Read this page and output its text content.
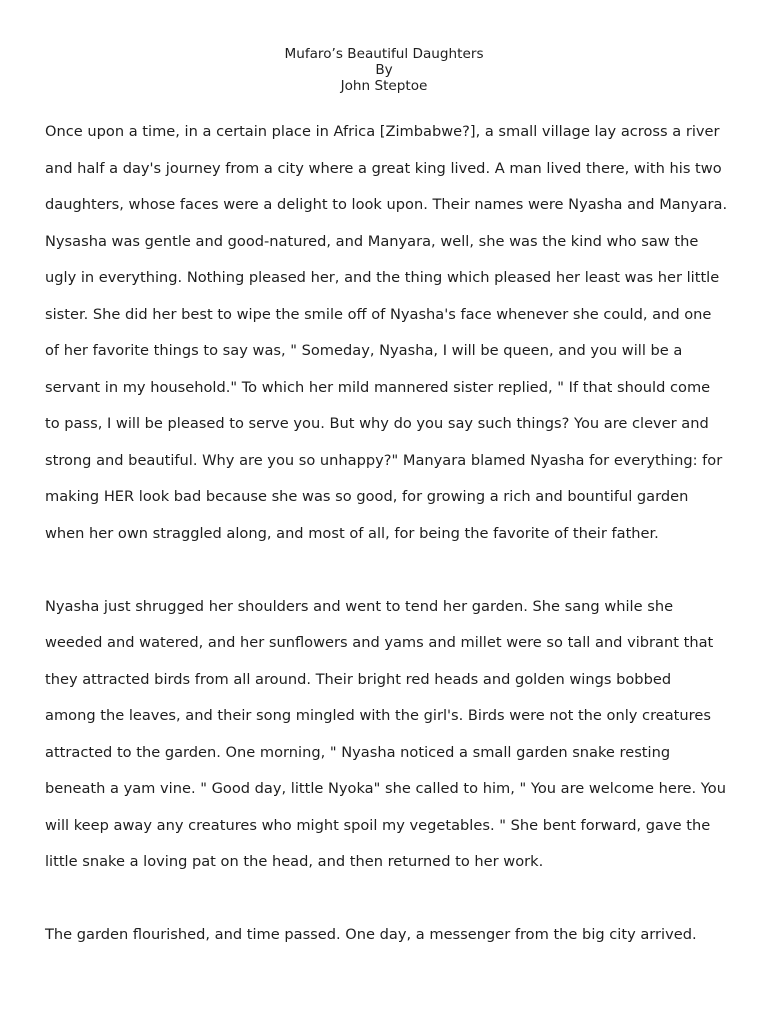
Mufaro’s Beautiful Daughters
By
John Steptoe
Once upon a time, in a certain place in Africa [Zimbabwe?], a small village lay across a river
and half a day's journey from a city where a great king lived. A man lived there, with his two
daughters, whose faces were a delight to look upon. Their names were Nyasha and Manyara.
Nysasha was gentle and good-natured, and Manyara, well, she was the kind who saw the
ugly in everything. Nothing pleased her, and the thing which pleased her least was her little
sister. She did her best to wipe the smile off of Nyasha's face whenever she could, and one
of her favorite things to say was, " Someday, Nyasha, I will be queen, and you will be a
servant in my household." To which her mild mannered sister replied, " If that should come
to pass, I will be pleased to serve you. But why do you say such things? You are clever and
strong and beautiful. Why are you so unhappy?" Manyara blamed Nyasha for everything: for
making HER look bad because she was so good, for growing a rich and bountiful garden
when her own straggled along, and most of all, for being the favorite of their father.
Nyasha just shrugged her shoulders and went to tend her garden. She sang while she
weeded and watered, and her sunflowers and yams and millet were so tall and vibrant that
they attracted birds from all around. Their bright red heads and golden wings bobbed
among the leaves, and their song mingled with the girl's. Birds were not the only creatures
attracted to the garden. One morning, " Nyasha noticed a small garden snake resting
beneath a yam vine. " Good day, little Nyoka" she called to him, " You are welcome here. You
will keep away any creatures who might spoil my vegetables. " She bent forward, gave the
little snake a loving pat on the head, and then returned to her work.
The garden flourished, and time passed. One day, a messenger from the big city arrived.
